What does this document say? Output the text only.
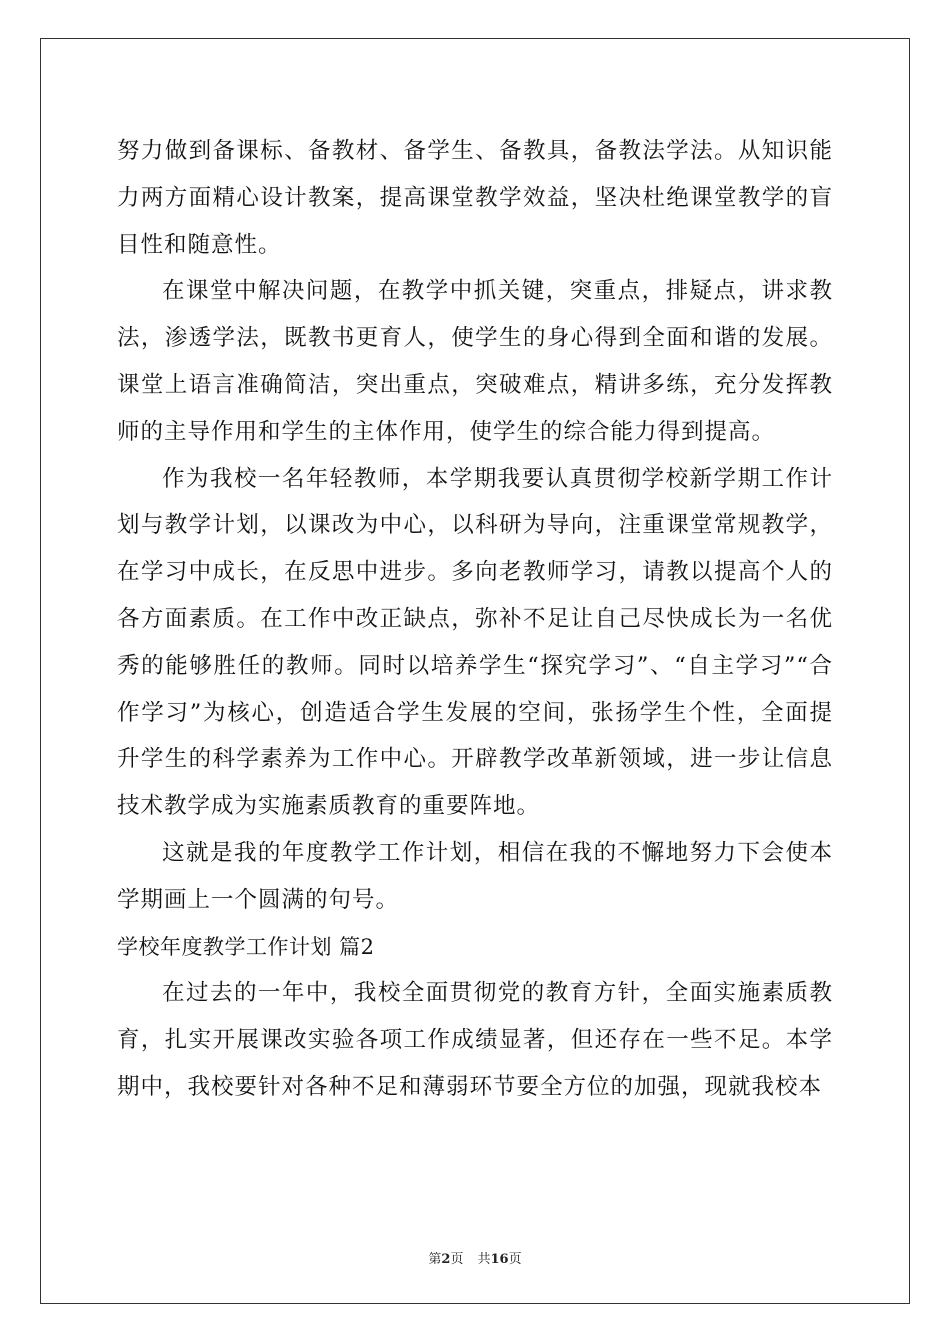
努力做到备课标、备教材、备学生、备教具，备教法学法。从知识能力两方面精心设计教案，提高课堂教学效益，坚决杜绝课堂教学的盲目性和随意性。

在课堂中解决问题，在教学中抓关键，突重点，排疑点，讲求教法，渗透学法，既教书更育人，使学生的身心得到全面和谐的发展。课堂上语言准确简洁，突出重点，突破难点，精讲多练，充分发挥教师的主导作用和学生的主体作用，使学生的综合能力得到提高。

作为我校一名年轻教师，本学期我要认真贯彻学校新学期工作计划与教学计划，以课改为中心，以科研为导向，注重课堂常规教学，在学习中成长，在反思中进步。多向老教师学习，请教以提高个人的各方面素质。在工作中改正缺点，弥补不足让自己尽快成长为一名优秀的能够胜任的教师。同时以培养学生“探究学习”、“自主学习”“合作学习”为核心，创造适合学生发展的空间，张扬学生个性，全面提升学生的科学素养为工作中心。开辟教学改革新领域，进一步让信息技术教学成为实施素质教育的重要阵地。

这就是我的年度教学工作计划，相信在我的不懈地努力下会使本学期画上一个圆满的句号。

学校年度教学工作计划 篇2

在过去的一年中，我校全面贯彻党的教育方针，全面实施素质教育，扎实开展课改实验各项工作成绩显著，但还存在一些不足。本学期中，我校要针对各种不足和薄弱环节要全方位的加强，现就我校本

第2页 共16页
